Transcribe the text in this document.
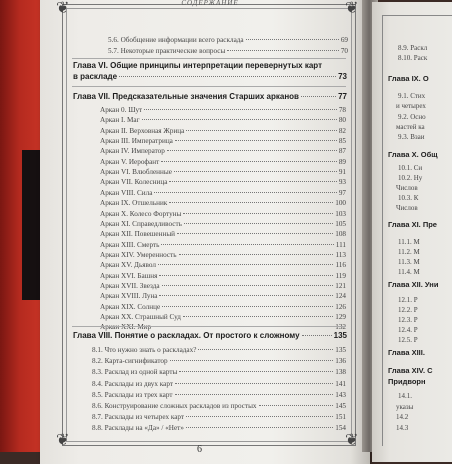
❦	❦
❦	❦
СОДЕРЖАНИЕ
5.6. Обобщение информации всего расклада	69
5.7. Некоторые практические вопросы	70
Глава VI. Общие принципы интерпретации перевернутых карт
в раскладе	73
Глава VII. Предсказательные значения Старших арканов	77
Аркан 0. Шут	78
Аркан I. Маг	80
Аркан II. Верховная Жрица	82
Аркан III. Императрица	85
Аркан IV. Император	87
Аркан V. Иерофант	89
Аркан VI. Влюбленные	91
Аркан VII. Колесница	93
Аркан VIII. Сила	97
Аркан IX. Отшельник	100
Аркан X. Колесо Фортуны	103
Аркан XI. Справедливость	105
Аркан XII. Повешенный	108
Аркан XIII. Смерть	111
Аркан XIV. Умеренность	113
Аркан XV. Дьявол	116
Аркан XVI. Башня	119
Аркан XVII. Звезда	121
Аркан XVIII. Луна	124
Аркан XIX. Солнце	126
Аркан XX. Страшный Суд	129
Аркан XXI. Мир	132
Глава VIII. Понятие о раскладах. От простого к сложному	135
8.1. Что нужно знать о раскладах?	135
8.2. Карта-сигнификатор	136
8.3. Расклад из одной карты	138
8.4. Расклады из двух карт	141
8.5. Расклады из трех карт	143
8.6. Конструирование сложных раскладов из простых	145
8.7. Расклады из четырех карт	151
8.8. Расклады на «Да» / «Нет»	154
6
8.9. Раскл
8.10. Раск
Глава IX. О
9.1. Стих
и четырех
9.2. Осно
мастей ка
9.3. Взаи
Глава X. Общ
10.1. Си
10.2. Ну
Числов
10.3. К
Числов
Глава XI. Пре
11.1. М
11.2. М
11.3. М
11.4. М
Глава XII. Уни
12.1. Р
12.2. Р
12.3. Р
12.4. Р
12.5. Р
Глава XIII.
Глава XIV. С
Придворн
14.1.
указы
14.2
14.3
